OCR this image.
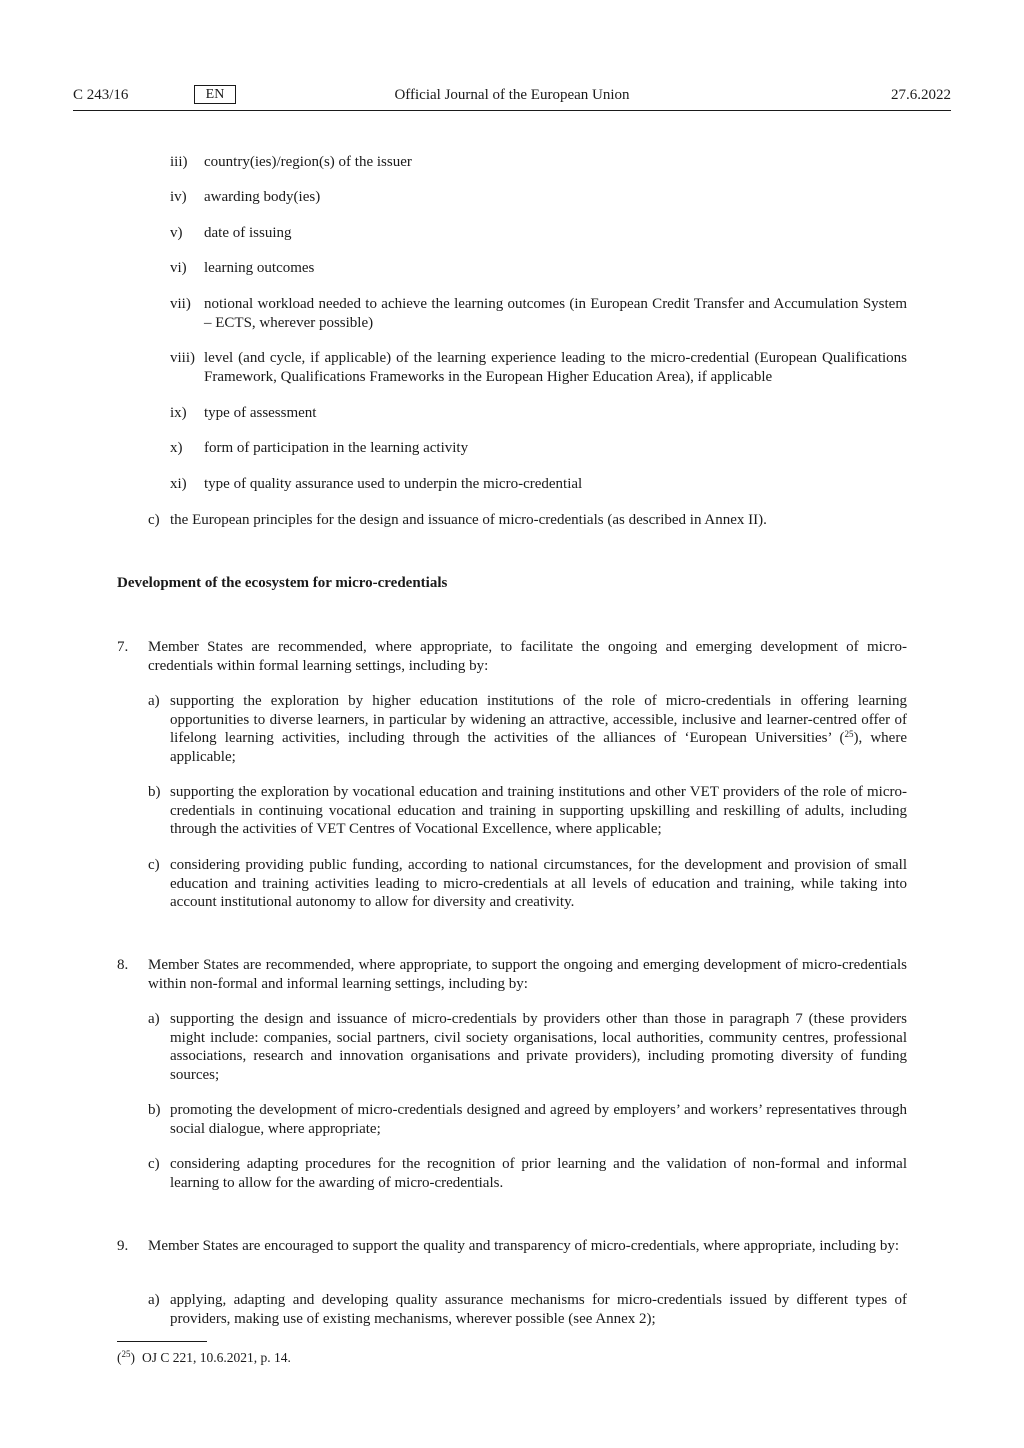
C 243/16	EN	Official Journal of the European Union	27.6.2022
iii) country(ies)/region(s) of the issuer
iv) awarding body(ies)
v) date of issuing
vi) learning outcomes
vii) notional workload needed to achieve the learning outcomes (in European Credit Transfer and Accumulation System – ECTS, wherever possible)
viii) level (and cycle, if applicable) of the learning experience leading to the micro-credential (European Qualifications Framework, Qualifications Frameworks in the European Higher Education Area), if applicable
ix) type of assessment
x) form of participation in the learning activity
xi) type of quality assurance used to underpin the micro-credential
c) the European principles for the design and issuance of micro-credentials (as described in Annex II).
Development of the ecosystem for micro-credentials
7. Member States are recommended, where appropriate, to facilitate the ongoing and emerging development of micro-credentials within formal learning settings, including by:
a) supporting the exploration by higher education institutions of the role of micro-credentials in offering learning opportunities to diverse learners, in particular by widening an attractive, accessible, inclusive and learner-centred offer of lifelong learning activities, including through the activities of the alliances of ‘European Universities’ ($^{25}$), where applicable;
b) supporting the exploration by vocational education and training institutions and other VET providers of the role of micro-credentials in continuing vocational education and training in supporting upskilling and reskilling of adults, including through the activities of VET Centres of Vocational Excellence, where applicable;
c) considering providing public funding, according to national circumstances, for the development and provision of small education and training activities leading to micro-credentials at all levels of education and training, while taking into account institutional autonomy to allow for diversity and creativity.
8. Member States are recommended, where appropriate, to support the ongoing and emerging development of micro-credentials within non-formal and informal learning settings, including by:
a) supporting the design and issuance of micro-credentials by providers other than those in paragraph 7 (these providers might include: companies, social partners, civil society organisations, local authorities, community centres, professional associations, research and innovation organisations and private providers), including promoting diversity of funding sources;
b) promoting the development of micro-credentials designed and agreed by employers’ and workers’ representatives through social dialogue, where appropriate;
c) considering adapting procedures for the recognition of prior learning and the validation of non-formal and informal learning to allow for the awarding of micro-credentials.
9. Member States are encouraged to support the quality and transparency of micro-credentials, where appropriate, including by:
a) applying, adapting and developing quality assurance mechanisms for micro-credentials issued by different types of providers, making use of existing mechanisms, wherever possible (see Annex 2);
($^{25}$) OJ C 221, 10.6.2021, p. 14.
